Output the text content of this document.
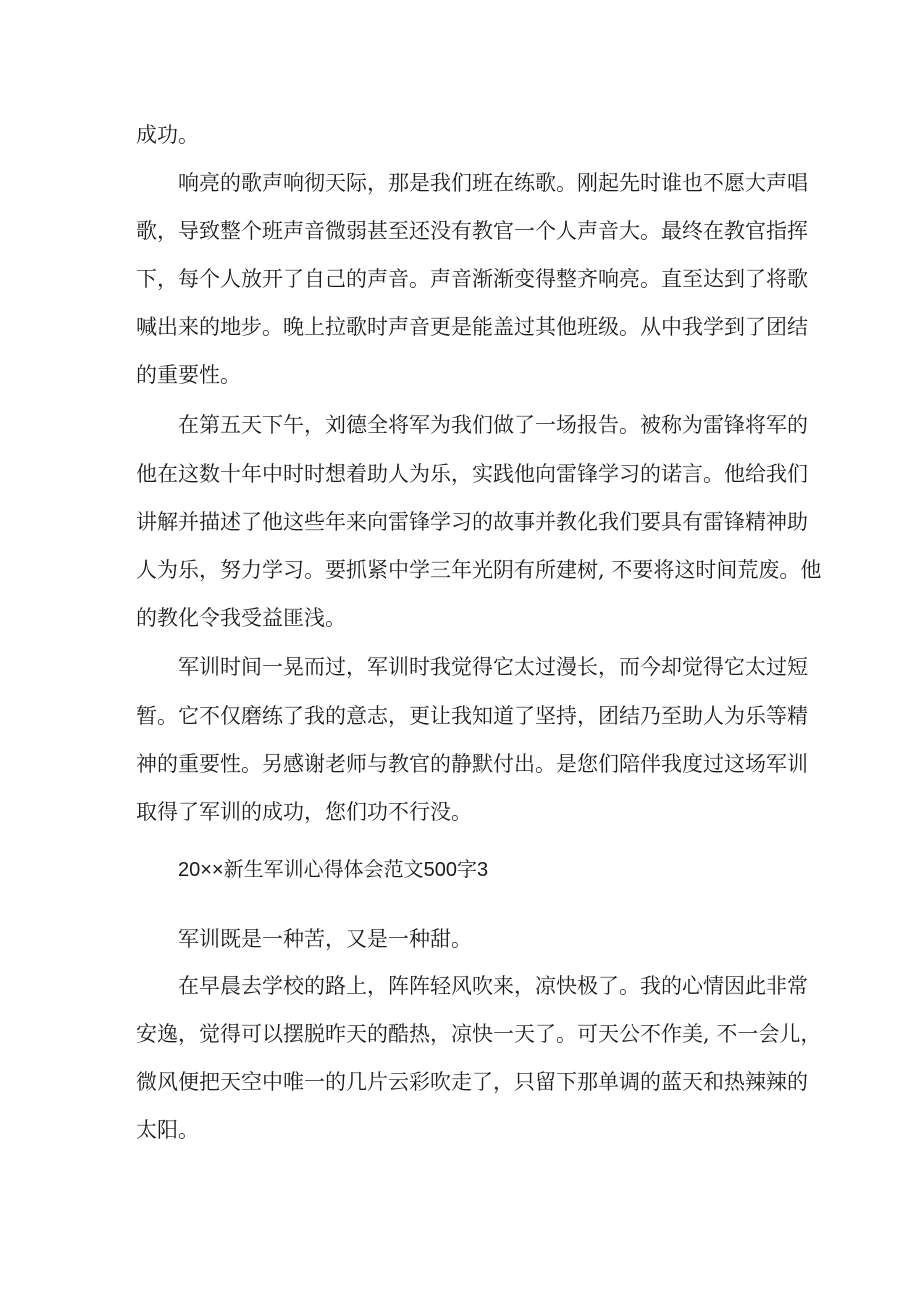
成功。

响亮的歌声响彻天际，那是我们班在练歌。刚起先时谁也不愿大声唱

歌，导致整个班声音微弱甚至还没有教官一个人声音大。最终在教官指挥

下，每个人放开了自己的声音。声音渐渐变得整齐响亮。直至达到了将歌

喊出来的地步。晚上拉歌时声音更是能盖过其他班级。从中我学到了团结

的重要性。

在第五天下午，刘德全将军为我们做了一场报告。被称为雷锋将军的

他在这数十年中时时想着助人为乐，实践他向雷锋学习的诺言。他给我们

讲解并描述了他这些年来向雷锋学习的故事并教化我们要具有雷锋精神助

人为乐，努力学习。要抓紧中学三年光阴有所建树, 不要将这时间荒废。他

的教化令我受益匪浅。

军训时间一晃而过，军训时我觉得它太过漫长，而今却觉得它太过短

暂。它不仅磨练了我的意志，更让我知道了坚持，团结乃至助人为乐等精

神的重要性。另感谢老师与教官的静默付出。是您们陪伴我度过这场军训

取得了军训的成功，您们功不行没。

20××新生军训心得体会范文500字3

军训既是一种苦，又是一种甜。

在早晨去学校的路上，阵阵轻风吹来，凉快极了。我的心情因此非常

安逸，觉得可以摆脱昨天的酷热，凉快一天了。可天公不作美, 不一会儿，

微风便把天空中唯一的几片云彩吹走了，只留下那单调的蓝天和热辣辣的

太阳。
